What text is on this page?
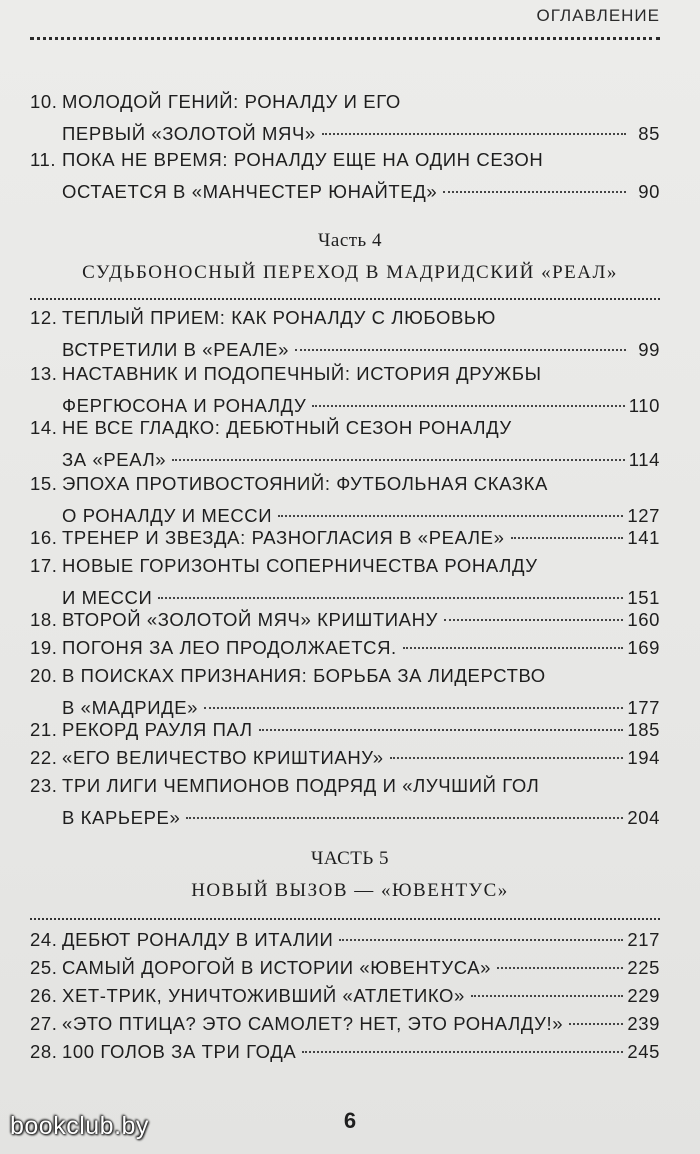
ОГЛАВЛЕНИЕ
10. МОЛОДОЙ ГЕНИЙ: РОНАЛДУ И ЕГО
ПЕРВЫЙ «ЗОЛОТОЙ МЯЧ»	85
11. ПОКА НЕ ВРЕМЯ: РОНАЛДУ ЕЩЕ НА ОДИН СЕЗОН
ОСТАЕТСЯ В «МАНЧЕСТЕР ЮНАЙТЕД»	90
Часть 4
СУДЬБОНОСНЫЙ ПЕРЕХОД В МАДРИДСКИЙ «РЕАЛ»
12. ТЕПЛЫЙ ПРИЕМ: КАК РОНАЛДУ С ЛЮБОВЬЮ
ВСТРЕТИЛИ В «РЕАЛЕ»	99
13. НАСТАВНИК И ПОДОПЕЧНЫЙ: ИСТОРИЯ ДРУЖБЫ
ФЕРГЮСОНА И РОНАЛДУ	110
14. НЕ ВСЕ ГЛАДКО: ДЕБЮТНЫЙ СЕЗОН РОНАЛДУ
ЗА «РЕАЛ»	114
15. ЭПОХА ПРОТИВОСТОЯНИЙ: ФУТБОЛЬНАЯ СКАЗКА
О РОНАЛДУ И МЕССИ	127
16. ТРЕНЕР И ЗВЕЗДА: РАЗНОГЛАСИЯ В «РЕАЛЕ»	141
17. НОВЫЕ ГОРИЗОНТЫ СОПЕРНИЧЕСТВА РОНАЛДУ
И МЕССИ	151
18. ВТОРОЙ «ЗОЛОТОЙ МЯЧ» КРИШТИАНУ	160
19. ПОГОНЯ ЗА ЛЕО ПРОДОЛЖАЕТСЯ.	169
20. В ПОИСКАХ ПРИЗНАНИЯ: БОРЬБА ЗА ЛИДЕРСТВО
В «МАДРИДЕ»	177
21. РЕКОРД РАУЛЯ ПАЛ	185
22. «ЕГО ВЕЛИЧЕСТВО КРИШТИАНУ»	194
23. ТРИ ЛИГИ ЧЕМПИОНОВ ПОДРЯД И «ЛУЧШИЙ ГОЛ
В КАРЬЕРЕ»	204
ЧАСТЬ 5
НОВЫЙ ВЫЗОВ — «ЮВЕНТУС»
24. ДЕБЮТ РОНАЛДУ В ИТАЛИИ	217
25. САМЫЙ ДОРОГОЙ В ИСТОРИИ «ЮВЕНТУСА»	225
26. ХЕТ-ТРИК, УНИЧТОЖИВШИЙ «АТЛЕТИКО»	229
27. «ЭТО ПТИЦА? ЭТО САМОЛЕТ? НЕТ, ЭТО РОНАЛДУ!»	239
28. 100 ГОЛОВ ЗА ТРИ ГОДА	245
6
bookclub.by
